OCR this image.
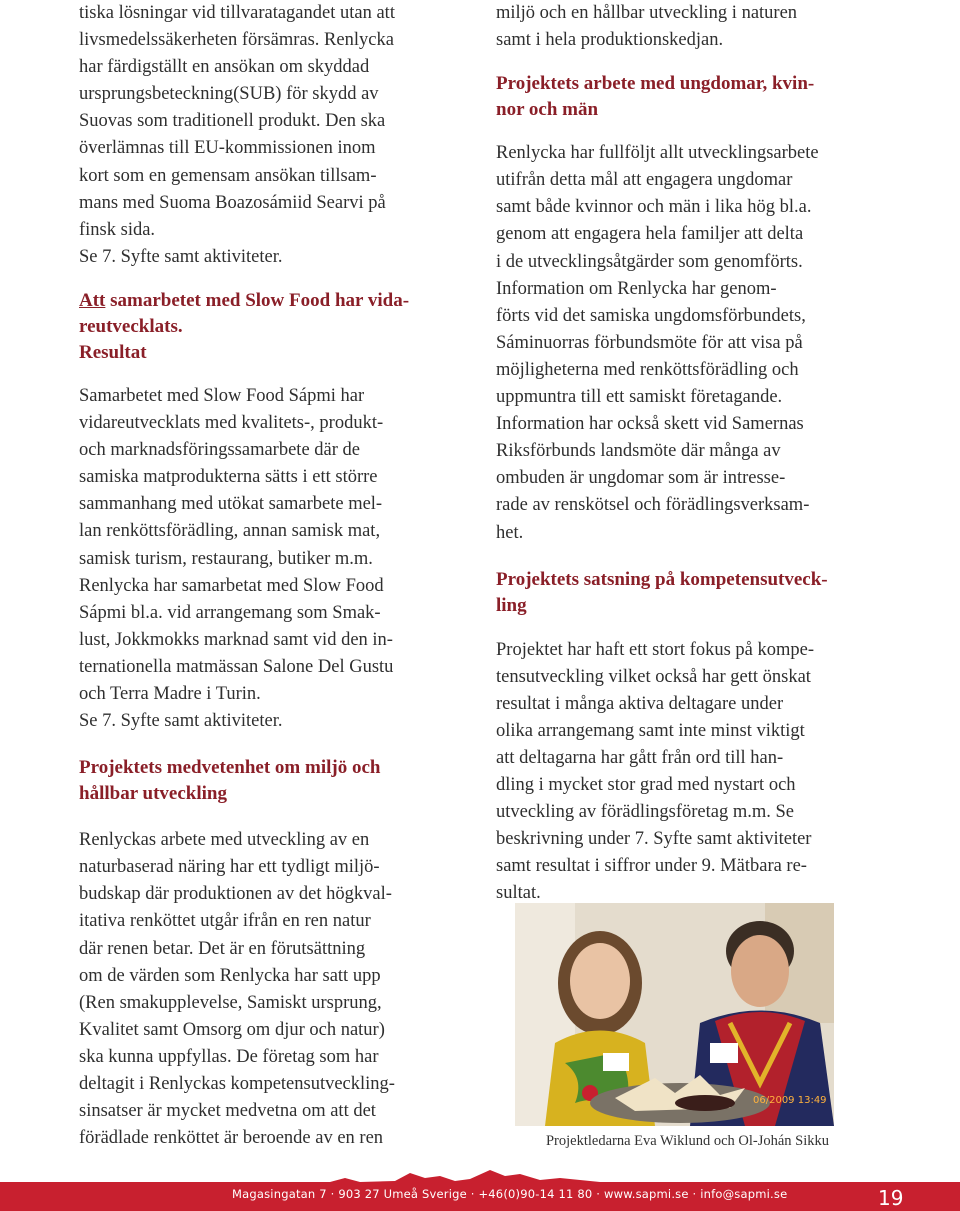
tiska lösningar vid tillvaratagandet utan att
livsmedelssäkerheten försämras. Renlycka
har färdigställt en ansökan om skyddad
ursprungsbeteckning(SUB) för skydd av
Suovas som traditionell produkt. Den ska
överlämnas till EU-kommissionen inom
kort som en gemensam ansökan tillsam-
mans med Suoma Boazosámiid Searvi på
finsk sida.

Se 7. Syfte samt aktiviteter.

Att samarbetet med Slow Food har vida-
reutvecklats.

Resultat

Samarbetet med Slow Food Sápmi har
vidareutvecklats med kvalitets-, produkt-
och marknadsföringssamarbete där de
samiska matprodukterna sätts i ett större
sammanhang med utökat samarbete mel-
lan renköttsförädling, annan samisk mat,
samisk turism, restaurang, butiker m.m.
Renlycka har samarbetat med Slow Food
Sápmi bl.a. vid arrangemang som Smak-
lust, Jokkmokks marknad samt vid den in-
ternationella matmässan Salone Del Gustu
och Terra Madre i Turin.
Se 7. Syfte samt aktiviteter.

Projektets medvetenhet om miljö och
hållbar utveckling

Renlyckas arbete med utveckling av en
naturbaserad näring har ett tydligt miljö-
budskap där produktionen av det högkval-
itativa renköttet utgår ifrån en ren natur
där renen betar. Det är en förutsättning
om de värden som Renlycka har satt upp
(Ren smakupplevelse, Samiskt ursprung,
Kvalitet samt Omsorg om djur och natur)
ska kunna uppfyllas. De företag som har
deltagit i Renlyckas kompetensutveckling-
sinsatser är mycket medvetna om att det
förädlade renköttet är beroende av en ren

miljö och en hållbar utveckling i naturen
samt i hela produktionskedjan.

Projektets arbete med ungdomar, kvin-
nor och män

Renlycka har fullföljt allt utvecklingsarbete
utifrån detta mål att engagera ungdomar
samt både kvinnor och män i lika hög bl.a.
genom att engagera hela familjer att delta
i de utvecklingsåtgärder som genomförts.
Information om Renlycka har genom-
förts vid det samiska ungdomsförbundets,
Sáminuorras förbundsmöte för att visa på
möjligheterna med renköttsförädling och
uppmuntra till ett samiskt företagande.
Information har också skett vid Samernas
Riksförbunds landsmöte där många av
ombuden är ungdomar som är intresse-
rade av renskötsel och förädlingsverksam-
het.

Projektets satsning på kompetensutveck-
ling

Projektet har haft ett stort fokus på kompe-
tensutveckling vilket också har gett önskat
resultat i många aktiva deltagare under
olika arrangemang samt inte minst viktigt
att deltagarna har gått från ord till han-
dling i mycket stor grad med nystart och
utveckling av förädlingsföretag m.m. Se
beskrivning under 7. Syfte samt aktiviteter
samt resultat i siffror under 9. Mätbara re-
sultat.

06/2009 13:49
Projektledarna Eva Wiklund och Ol-Johán Sikku
Magasingatan 7 · 903 27 Umeå Sverige · +46(0)90-14 11 80 · www.sapmi.se · info@sapmi.se	19
